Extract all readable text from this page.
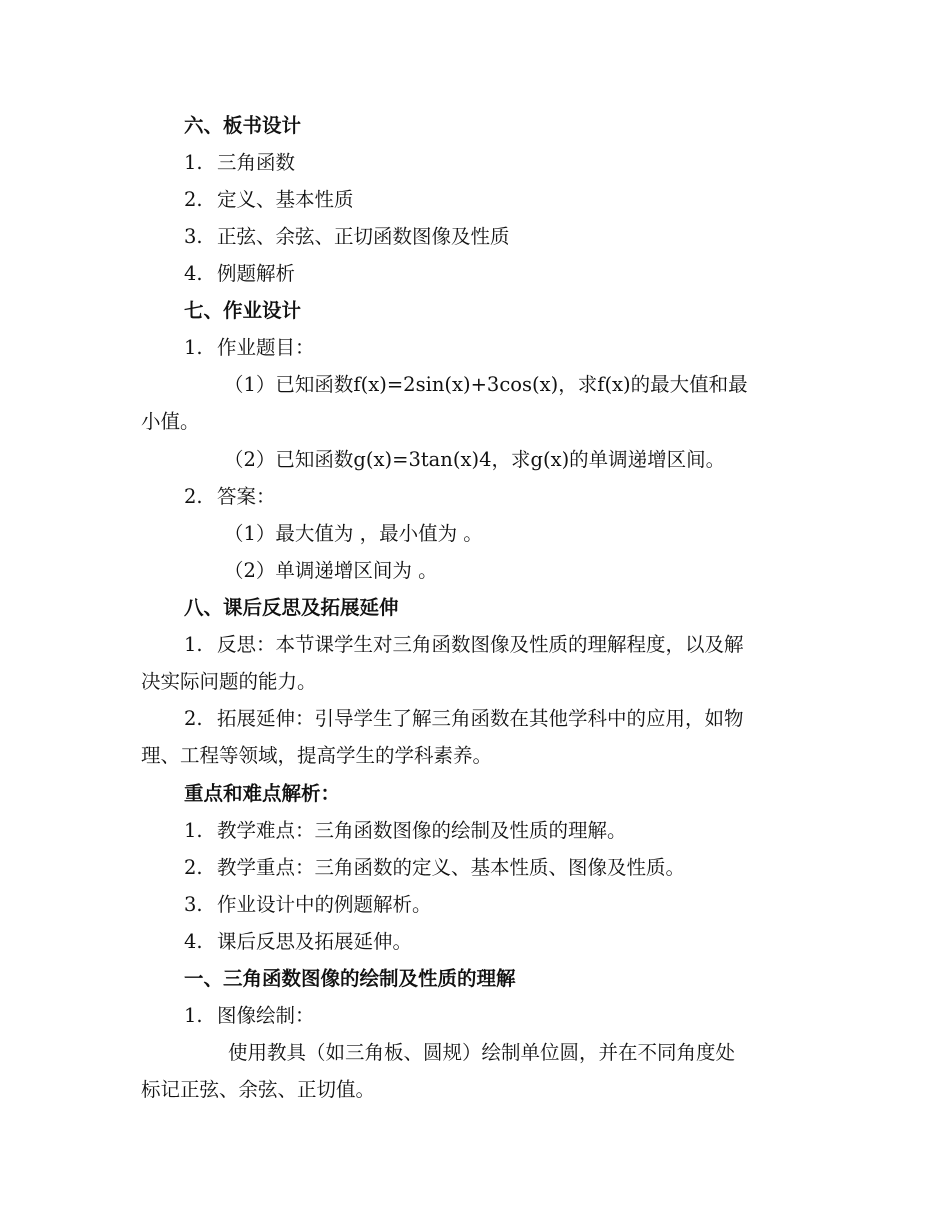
六、板书设计
1. 三角函数
2. 定义、基本性质
3. 正弦、余弦、正切函数图像及性质
4. 例题解析
七、作业设计
1. 作业题目：
（1）已知函数f(x)=2sin(x)+3cos(x)，求f(x)的最大值和最
小值。
（2）已知函数g(x)=3tan(x)4，求g(x)的单调递增区间。
2. 答案：
（1）最大值为 ，最小值为 。
（2）单调递增区间为 。
八、课后反思及拓展延伸
1. 反思：本节课学生对三角函数图像及性质的理解程度，以及解
决实际问题的能力。
2. 拓展延伸：引导学生了解三角函数在其他学科中的应用，如物
理、工程等领域，提高学生的学科素养。
重点和难点解析：
1. 教学难点：三角函数图像的绘制及性质的理解。
2. 教学重点：三角函数的定义、基本性质、图像及性质。
3. 作业设计中的例题解析。
4. 课后反思及拓展延伸。
一、三角函数图像的绘制及性质的理解
1. 图像绘制：
使用教具（如三角板、圆规）绘制单位圆，并在不同角度处
标记正弦、余弦、正切值。
